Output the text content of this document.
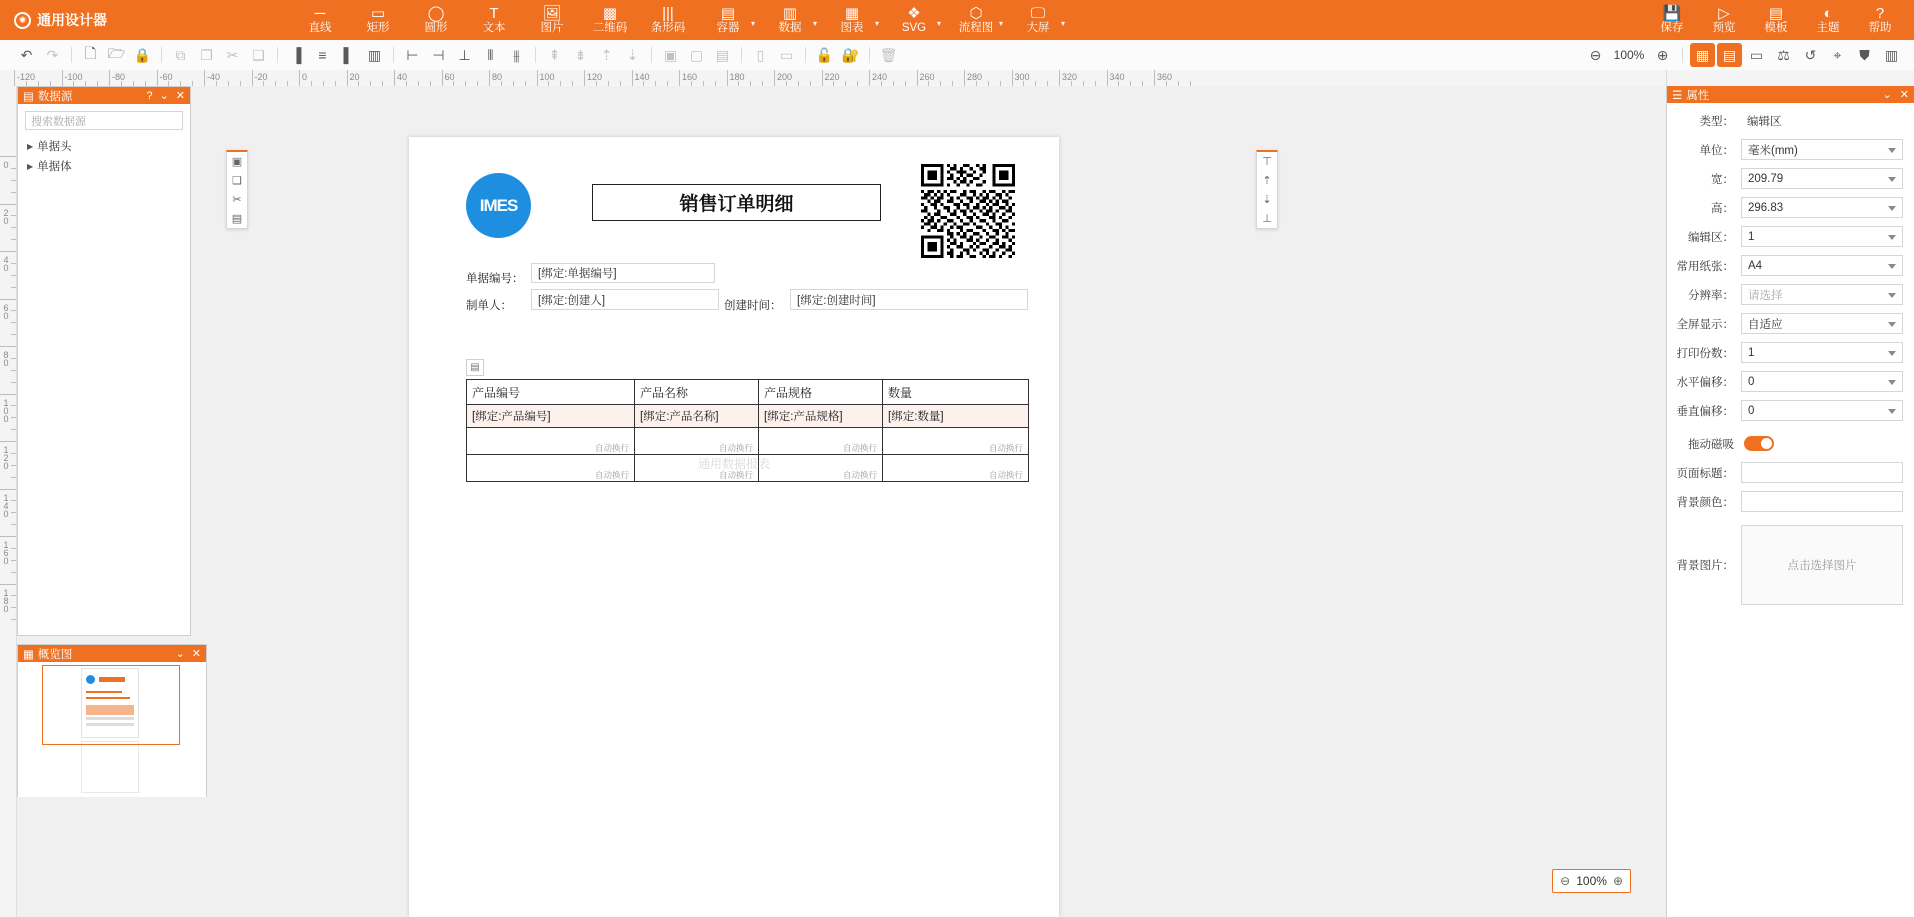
✺ 通用设计器	─
直线
▭
矩形
◯
圆形
T
文本
🖼
图片
▩
二维码
|||
条形码
▤
容器 ▾
▥
数据 ▾
▦
图表 ▾
❖
SVG ▾
⬡
流程图 ▾
🖵
大屏 ▾
💾
保存
▷
预览
▤
模板
◐
主题
?
帮助
↶	↷	🗋 🗁 🔒	⧉	❐ ✂ ❏	▐	≡	▌	▥	⊢ ⊣ ⊥	⫴	⫵	⇞	⇟	⇡	⇣	▣ ▢ ▤	▯	▭	🔓 🔐 🗑	⊖	100% ⊕	▦ ▤ ▭	⚖	↺	⌖	⛊	▥
-120	-100	-80	-60	-40	-20	0	20	40	60	80	100	120	140	160	180	200	220	240	260	280	300	320	340	360
0
20
40
60
80
100
120
140
160
180
▣
❏
✂
▤
⊤
⇡
⇣
⊥
IMES	销售订单明细
单据编号：	[绑定:单据编号]
制单人：	[绑定:创建人]	创建时间：	[绑定:创建时间]
▤
产品编号	产品名称	产品规格	数量
[绑定:产品编号]	[绑定:产品名称]	[绑定:产品规格]	[绑定:数量]
自动换行	自动换行	自动换行	自动换行
自动换行	自动换行	自动换行	自动换行
通用数据报表
⊖ 100% ⊕
▤ 数据源	? ⌄ ✕
搜索数据源
▶ 单据头
▶ 单据体
▦ 概览图	⌄ ✕
☰ 属性	⌄ ✕
类型：	编辑区
单位：	毫米(mm)
宽：	209.79
高：	296.83
编辑区：	1
常用纸张：	A4
分辨率：	请选择
全屏显示：	自适应
打印份数：	1
水平偏移：	0
垂直偏移：	0
拖动磁吸
页面标题：
背景颜色：
背景图片：	点击选择图片
